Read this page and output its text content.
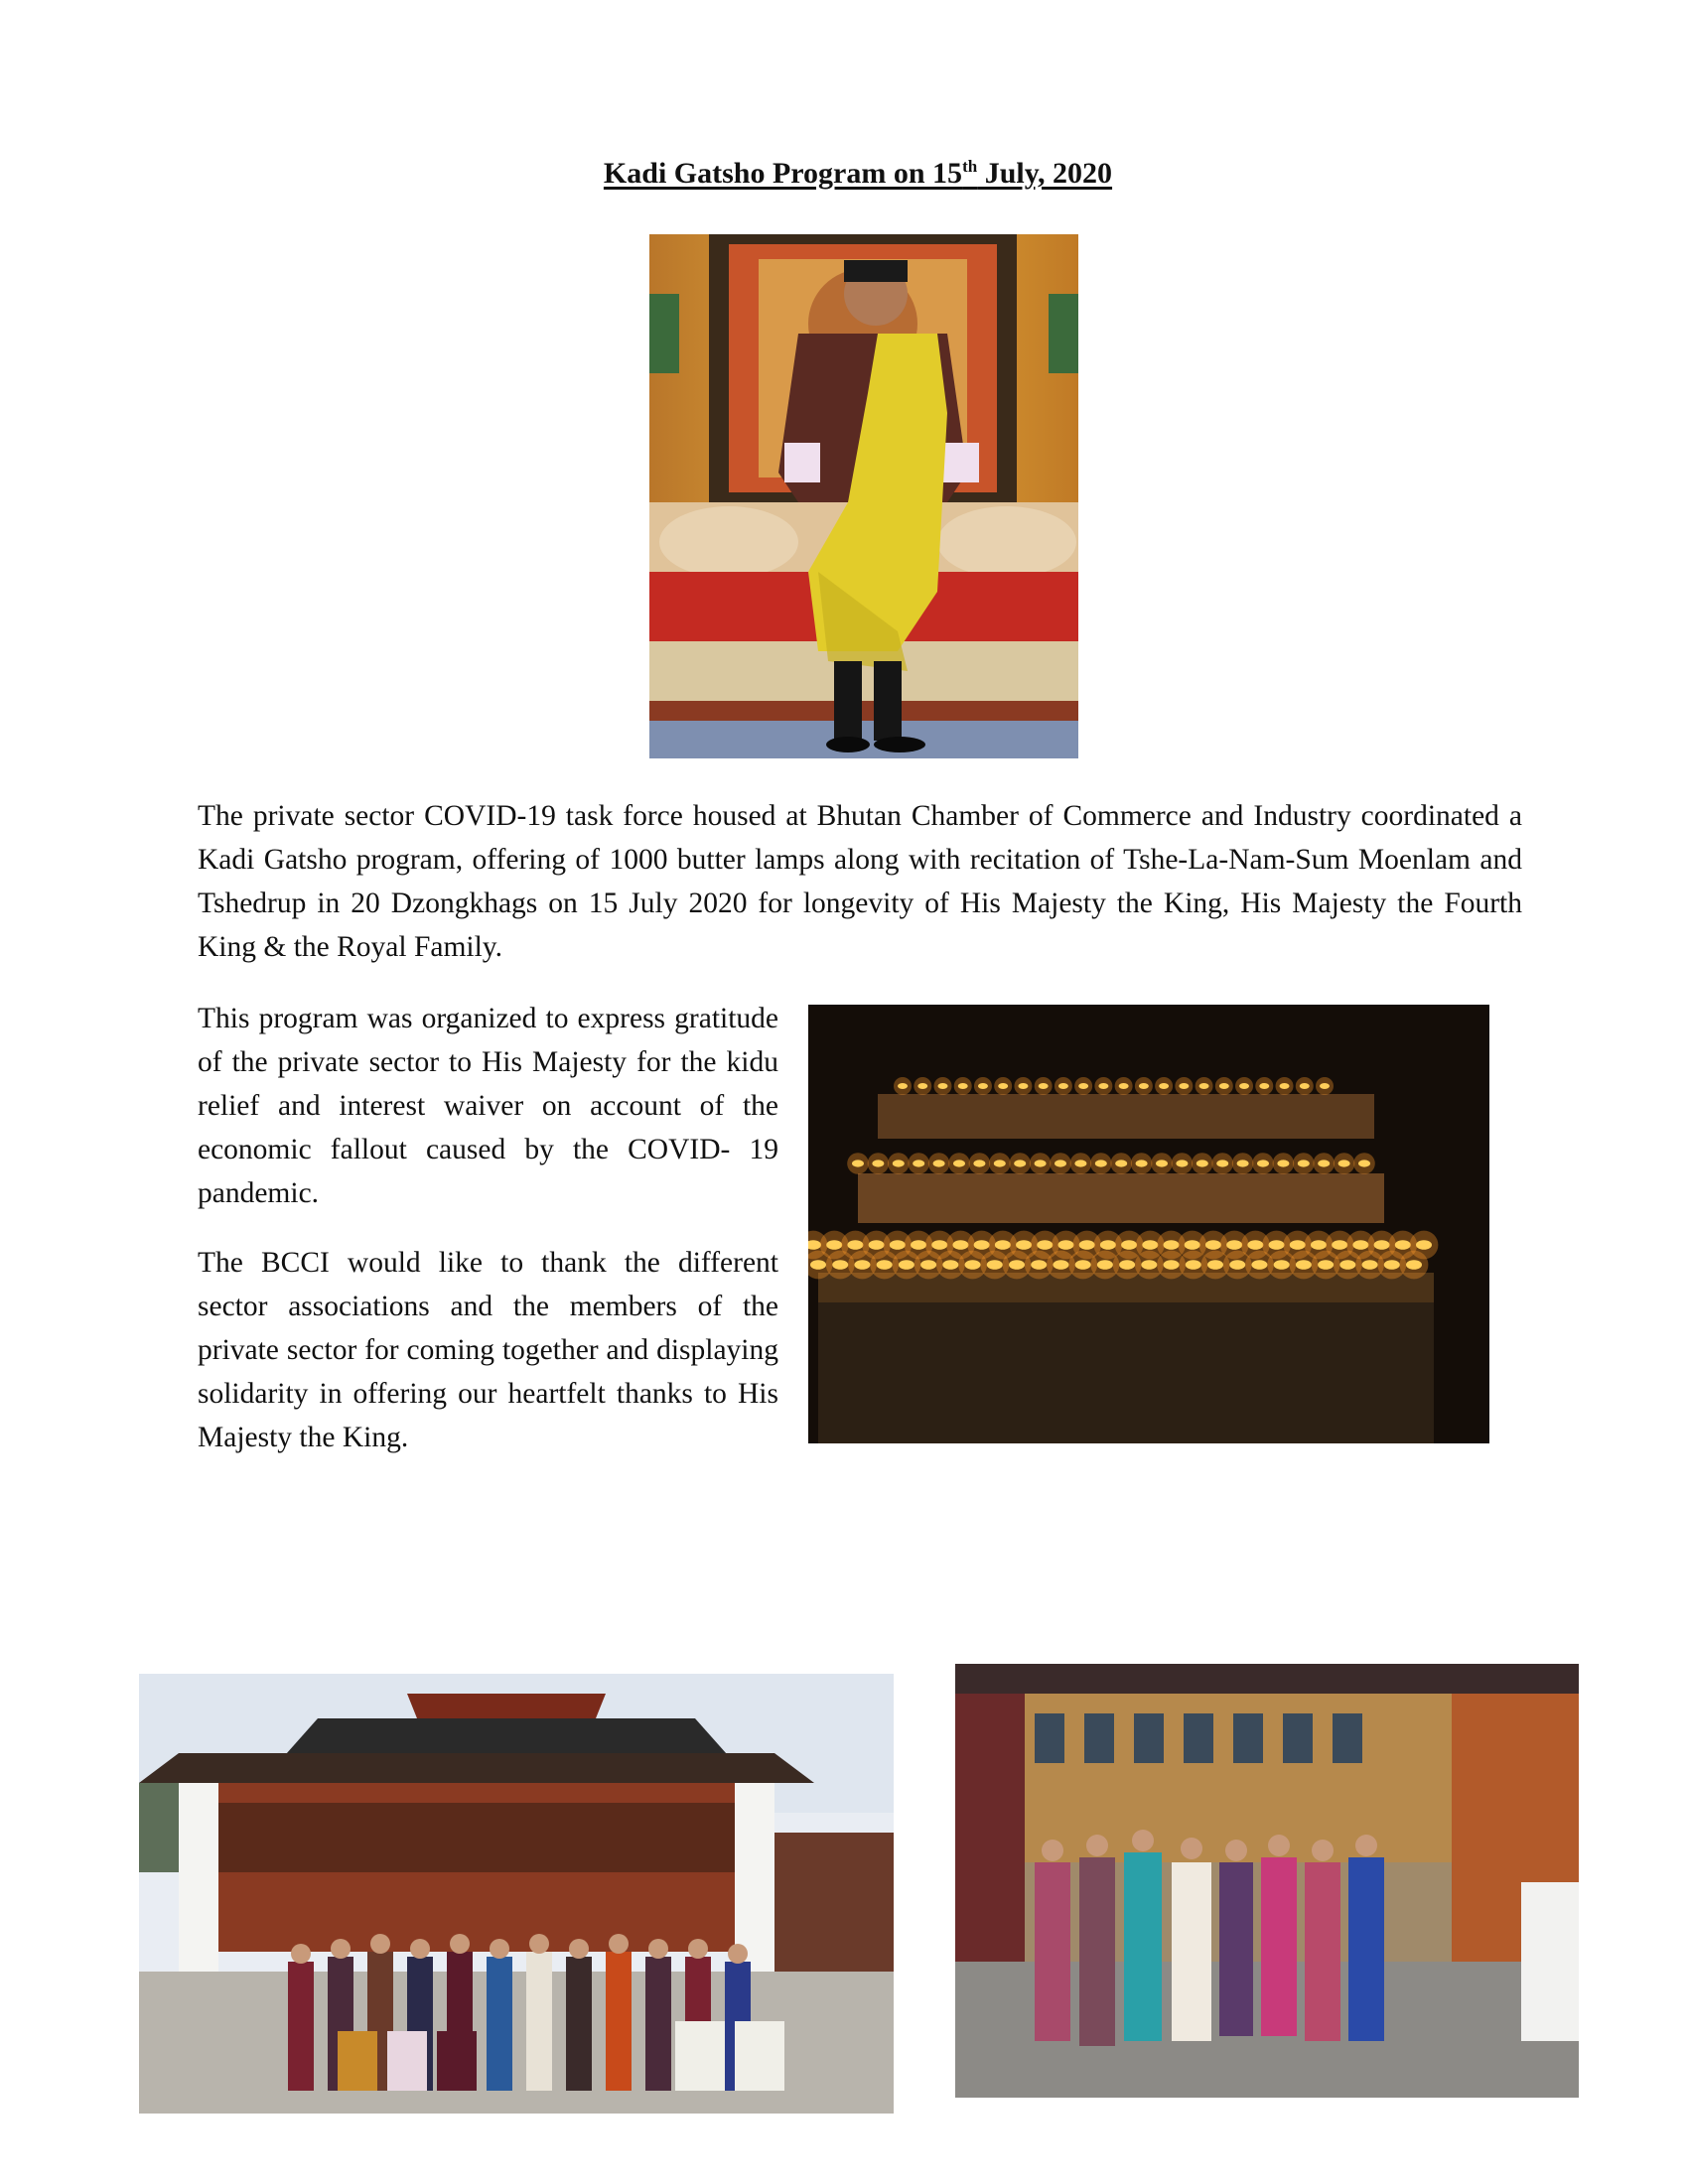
Kadi Gatsho Program on 15th July, 2020

The private sector COVID-19 task force housed at Bhutan Chamber of Commerce and Industry coordinated a Kadi Gatsho program, offering of 1000 butter lamps along with recitation of Tshe-La-Nam-Sum Moenlam and Tshedrup in 20 Dzongkhags on 15 July 2020 for longevity of His Majesty the King, His Majesty the Fourth King & the Royal Family.

This program was organized to express gratitude of the private sector to His Majesty for the kidu relief and interest waiver on account of the economic fallout caused by the COVID- 19 pandemic.

The BCCI would like to thank the different sector associations and the members of the private sector for coming together and displaying solidarity in offering our heartfelt thanks to His Majesty the King.
